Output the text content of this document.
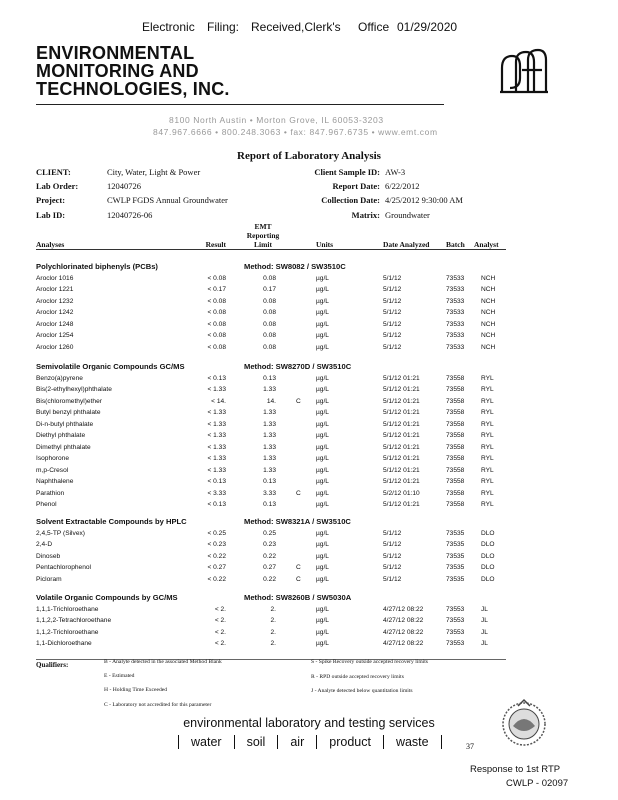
Electronic Filing: Received,Clerk's Office 01/29/2020
ENVIRONMENTAL
MONITORING AND
TECHNOLOGIES, INC.
8100 North Austin • Morton Grove, IL 60053-3203
847.967.6666 • 800.248.3063 • fax: 847.967.6735 • www.emt.com
Report of Laboratory Analysis
CLIENT:	City, Water, Light & Power
Lab Order:	12040726
Project:	CWLP FGDS Annual Groundwater
Lab ID:	12040726-06
Client Sample ID: AW-3
Report Date: 6/22/2012
Collection Date: 4/25/2012 9:30:00 AM
Matrix: Groundwater
Analyses	Result
EMT
Reporting
Limit	Units	Date Analyzed Batch Analyst
Polychlorinated biphenyls (PCBs)	Method: SW8082 / SW3510C
Aroclor 1016	< 0.08	0.08	µg/L	5/1/12	73533	NCH
Aroclor 1221	< 0.17	0.17	µg/L	5/1/12	73533	NCH
Aroclor 1232	< 0.08	0.08	µg/L	5/1/12	73533	NCH
Aroclor 1242	< 0.08	0.08	µg/L	5/1/12	73533	NCH
Aroclor 1248	< 0.08	0.08	µg/L	5/1/12	73533	NCH
Aroclor 1254	< 0.08	0.08	µg/L	5/1/12	73533	NCH
Aroclor 1260	< 0.08	0.08	µg/L	5/1/12	73533	NCH
Semivolatile Organic Compounds GC/MS	Method: SW8270D / SW3510C
Benzo(a)pyrene	< 0.13	0.13	µg/L	5/1/12 01:21	73558	RYL
Bis(2-ethylhexyl)phthalate	< 1.33	1.33	µg/L	5/1/12 01:21	73558	RYL
Bis(chloromethyl)ether	< 14.	14.	C µg/L	5/1/12 01:21	73558	RYL
Butyl benzyl phthalate	< 1.33	1.33	µg/L	5/1/12 01:21	73558	RYL
Di-n-butyl phthalate	< 1.33	1.33	µg/L	5/1/12 01:21	73558	RYL
Diethyl phthalate	< 1.33	1.33	µg/L	5/1/12 01:21	73558	RYL
Dimethyl phthalate	< 1.33	1.33	µg/L	5/1/12 01:21	73558	RYL
Isophorone	< 1.33	1.33	µg/L	5/1/12 01:21	73558	RYL
m,p-Cresol	< 1.33	1.33	µg/L	5/1/12 01:21	73558	RYL
Naphthalene	< 0.13	0.13	µg/L	5/1/12 01:21	73558	RYL
Parathion	< 3.33	3.33	C µg/L	5/2/12 01:10	73558	RYL
Phenol	< 0.13	0.13	µg/L	5/1/12 01:21	73558	RYL
Solvent Extractable Compounds by HPLC	Method: SW8321A / SW3510C
2,4,5-TP (Silvex)	< 0.25	0.25	µg/L	5/1/12	73535	DLO
2,4-D	< 0.23	0.23	µg/L	5/1/12	73535	DLO
Dinoseb	< 0.22	0.22	µg/L	5/1/12	73535	DLO
Pentachlorophenol	< 0.27	0.27	C µg/L	5/1/12	73535	DLO
Picloram	< 0.22	0.22	C µg/L	5/1/12	73535	DLO
Volatile Organic Compounds by GC/MS	Method: SW8260B / SW5030A
1,1,1-Trichloroethane	< 2.	2.	µg/L	4/27/12 08:22	73553	JL
1,1,2,2-Tetrachloroethane	< 2.	2.	µg/L	4/27/12 08:22	73553	JL
1,1,2-Trichloroethane	< 2.	2.	µg/L	4/27/12 08:22	73553	JL
1,1-Dichloroethane	< 2.	2.	µg/L	4/27/12 08:22	73553	JL
Qualifiers:	B - Analyte detected in the associated Method Blank
E - Estimated
H - Holding Time Exceeded
C - Laboratory not accredited for this parameter
S - Spike Recovery outside accepted recovery limits
R - RPD outside accepted recovery limits
J - Analyte detected below quantitation limits
environmental laboratory and testing services
water soil air product waste	37
Response to 1st RTP
CWLP - 02097
